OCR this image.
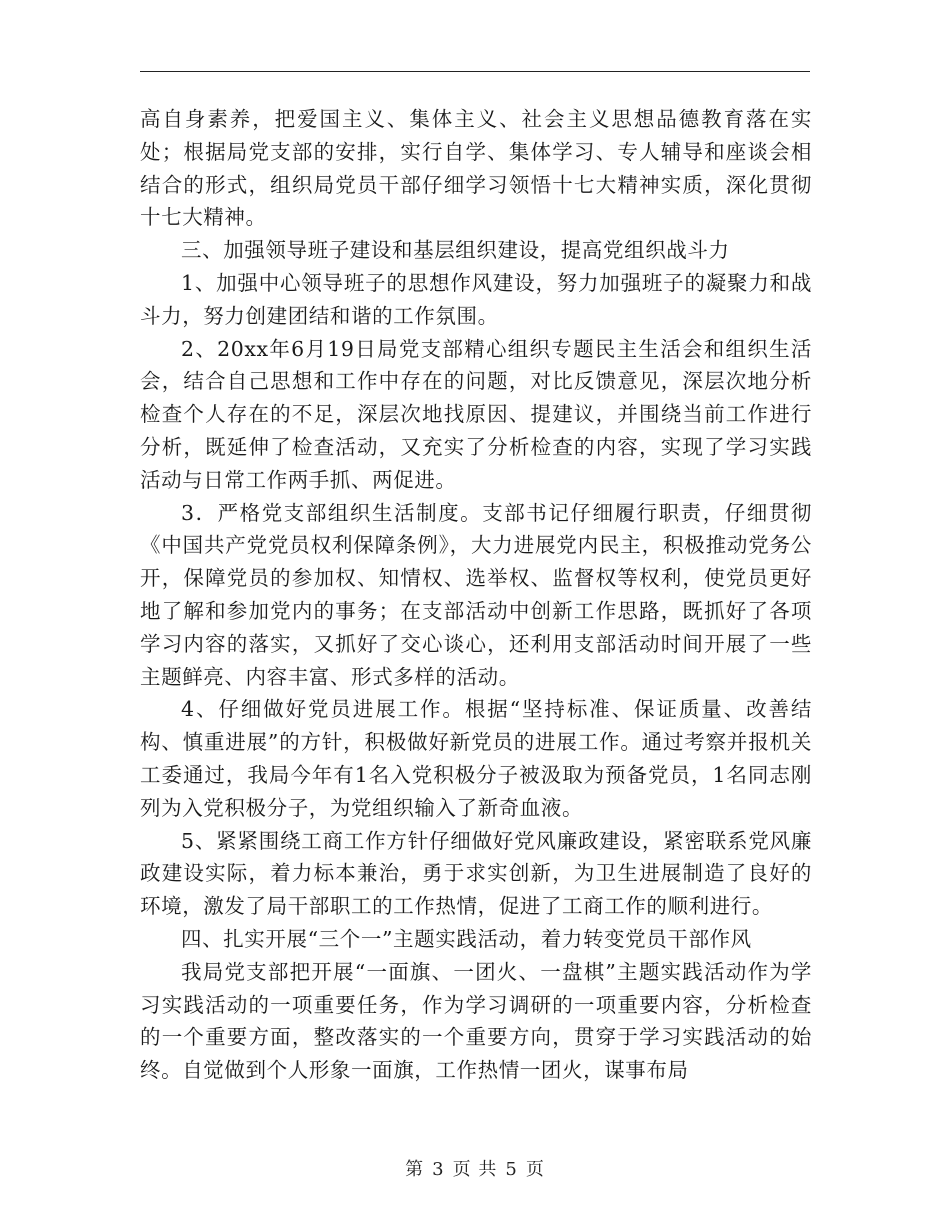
高自身素养，把爱国主义、集体主义、社会主义思想品德教育落在实处；根据局党支部的安排，实行自学、集体学习、专人辅导和座谈会相结合的形式，组织局党员干部仔细学习领悟十七大精神实质，深化贯彻十七大精神。

三、加强领导班子建设和基层组织建设，提高党组织战斗力

1、加强中心领导班子的思想作风建设，努力加强班子的凝聚力和战斗力，努力创建团结和谐的工作氛围。

2、20xx年6月19日局党支部精心组织专题民主生活会和组织生活会，结合自己思想和工作中存在的问题，对比反馈意见，深层次地分析检查个人存在的不足，深层次地找原因、提建议，并围绕当前工作进行分析，既延伸了检查活动，又充实了分析检查的内容，实现了学习实践活动与日常工作两手抓、两促进。

3．严格党支部组织生活制度。支部书记仔细履行职责，仔细贯彻《中国共产党党员权利保障条例》，大力进展党内民主，积极推动党务公开，保障党员的参加权、知情权、选举权、监督权等权利，使党员更好地了解和参加党内的事务；在支部活动中创新工作思路，既抓好了各项学习内容的落实，又抓好了交心谈心，还利用支部活动时间开展了一些主题鲜亮、内容丰富、形式多样的活动。

4、仔细做好党员进展工作。根据“坚持标准、保证质量、改善结构、慎重进展”的方针，积极做好新党员的进展工作。通过考察并报机关工委通过，我局今年有1名入党积极分子被汲取为预备党员，1名同志刚列为入党积极分子，为党组织输入了新奇血液。

5、紧紧围绕工商工作方针仔细做好党风廉政建设，紧密联系党风廉政建设实际，着力标本兼治，勇于求实创新，为卫生进展制造了良好的环境，激发了局干部职工的工作热情，促进了工商工作的顺利进行。

四、扎实开展“三个一”主题实践活动，着力转变党员干部作风

我局党支部把开展“一面旗、一团火、一盘棋”主题实践活动作为学习实践活动的一项重要任务，作为学习调研的一项重要内容，分析检查的一个重要方面，整改落实的一个重要方向，贯穿于学习实践活动的始终。自觉做到个人形象一面旗，工作热情一团火，谋事布局

第 3 页 共 5 页
